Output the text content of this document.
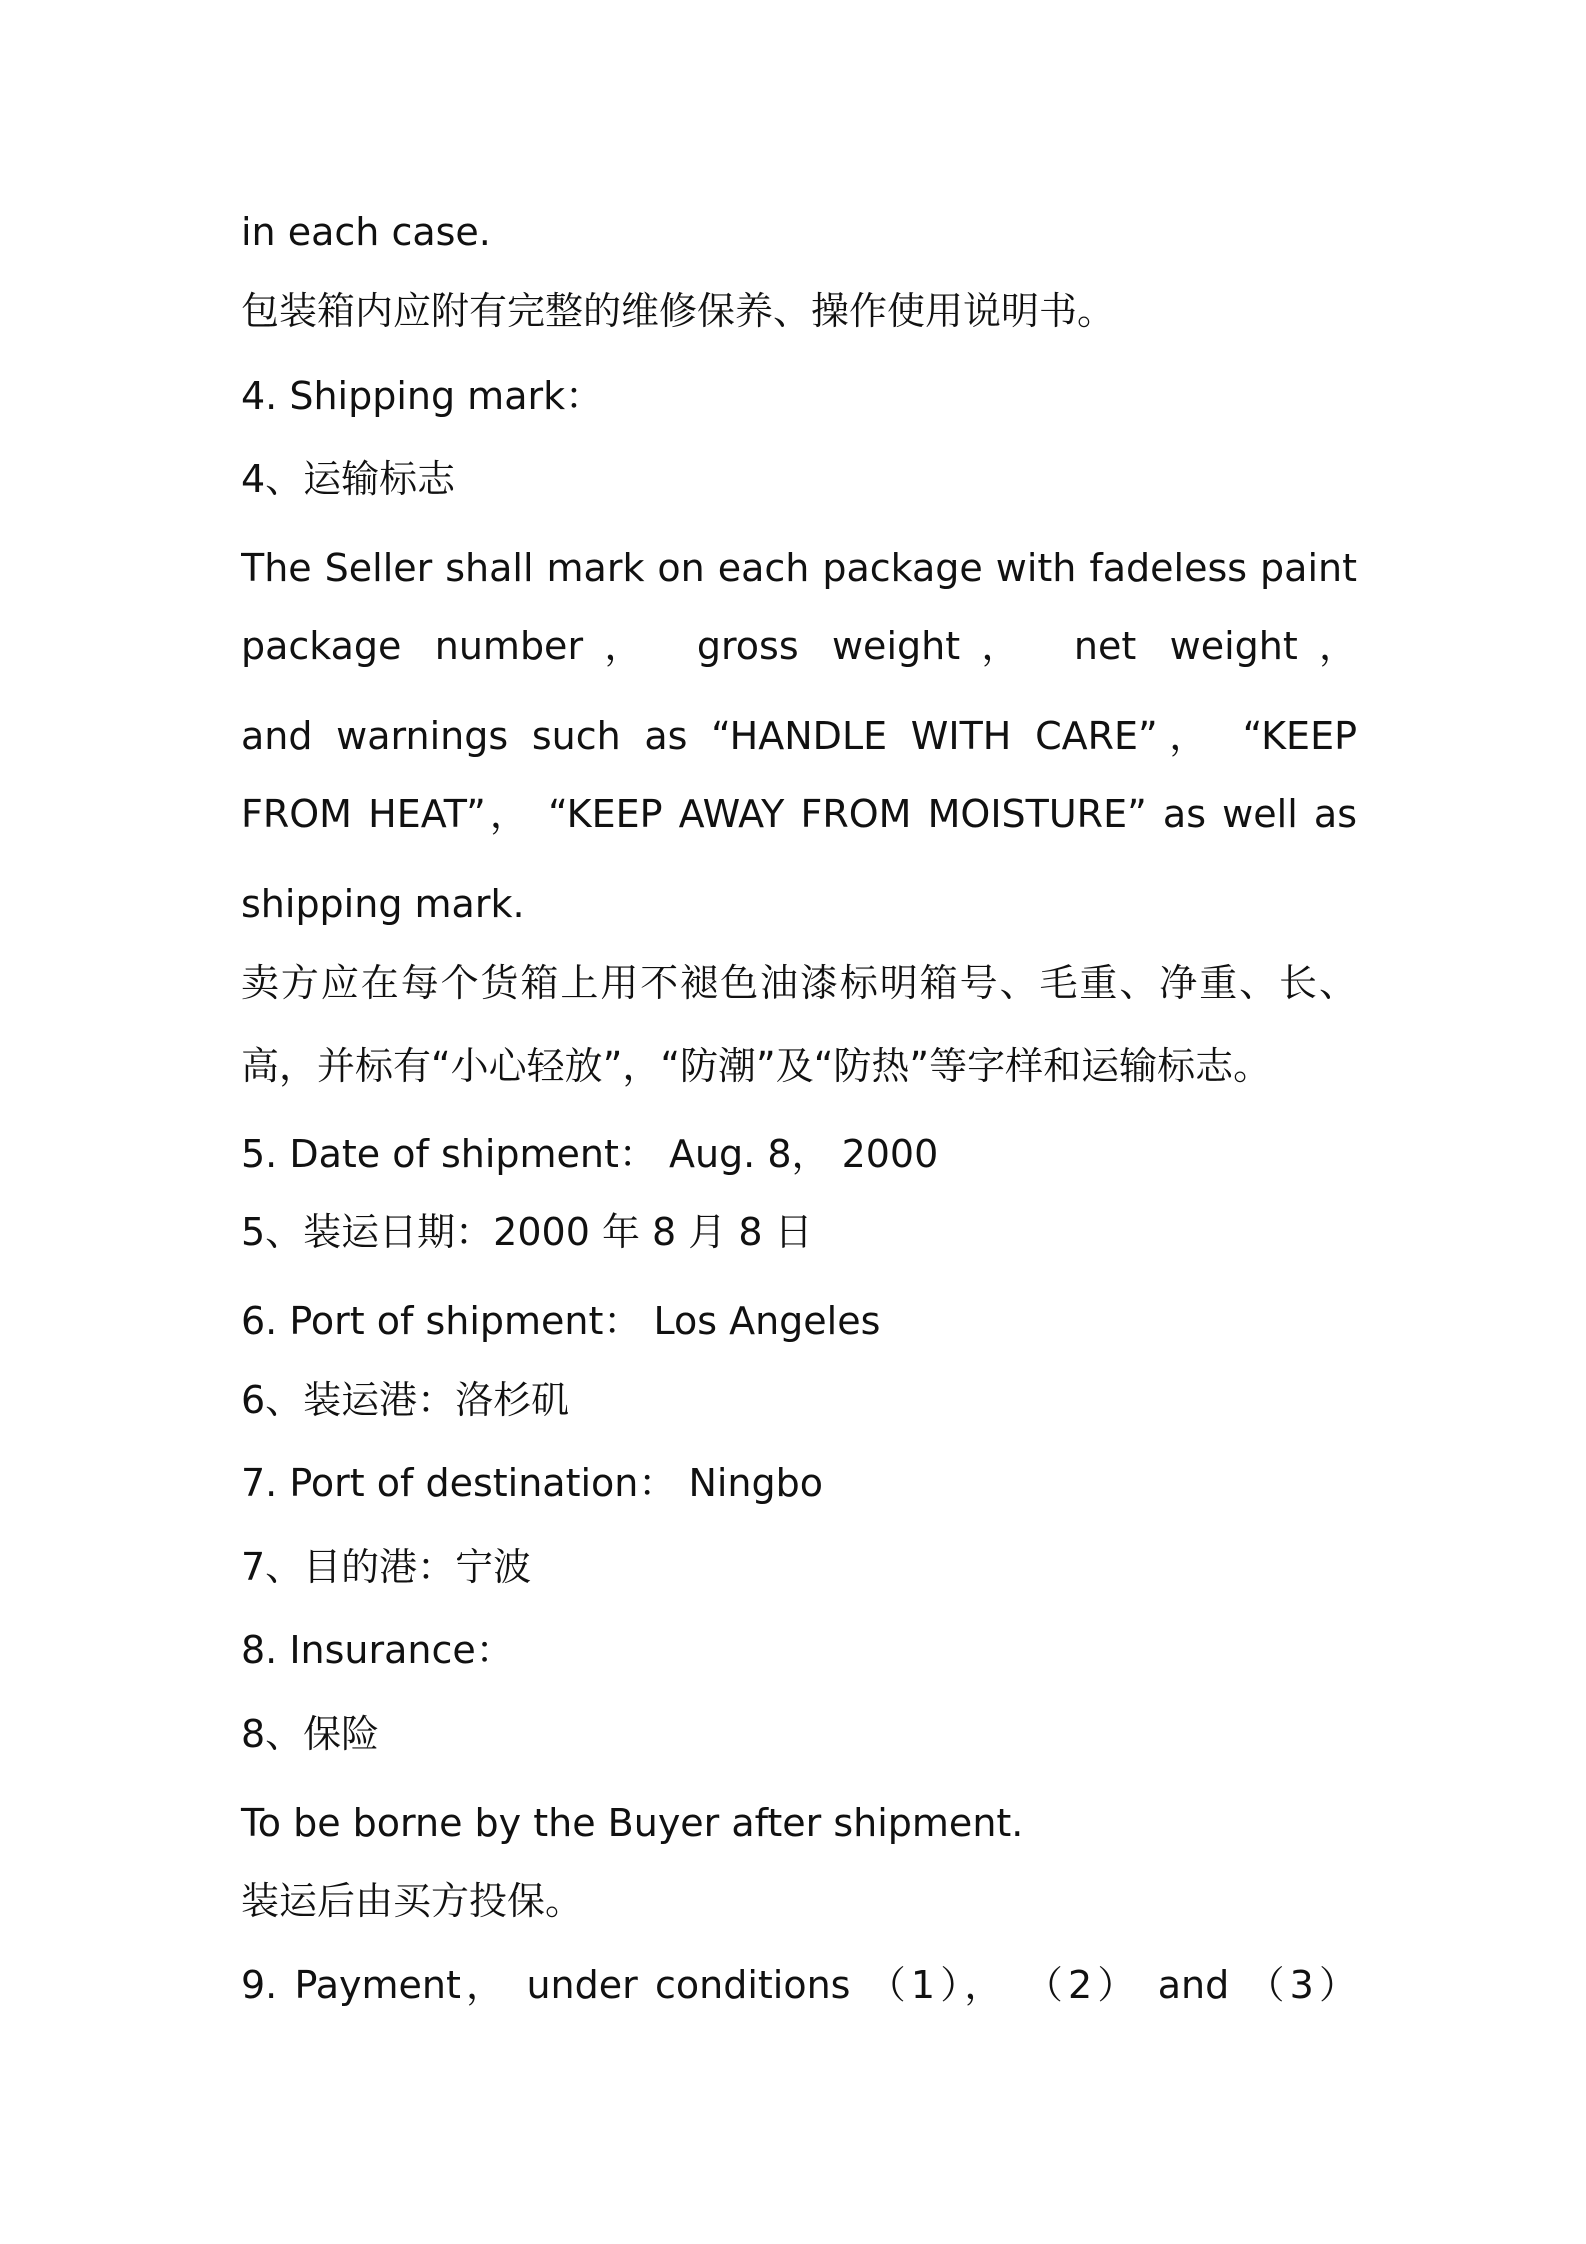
in each case.
包装箱内应附有完整的维修保养、操作使用说明书。
4. Shipping mark：
4、运输标志
The Seller shall mark on each package with fadeless paint
package number， gross weight， net weight，
and warnings such as “HANDLE WITH CARE”， “KEEP
FROM HEAT”， “KEEP AWAY FROM MOISTURE” as well as
shipping mark.
卖方应在每个货箱上用不褪色油漆标明箱号、毛重、净重、长、
高，并标有“小心轻放”，“防潮”及“防热”等字样和运输标志。
5. Date of shipment： Aug. 8， 2000
5、装运日期：2000 年 8 月 8 日
6. Port of shipment： Los Angeles
6、装运港：洛杉矶
7. Port of destination： Ningbo
7、目的港：宁波
8. Insurance：
8、保险
To be borne by the Buyer after shipment.
装运后由买方投保。
9. Payment， under conditions （1）， （2） and （3）
